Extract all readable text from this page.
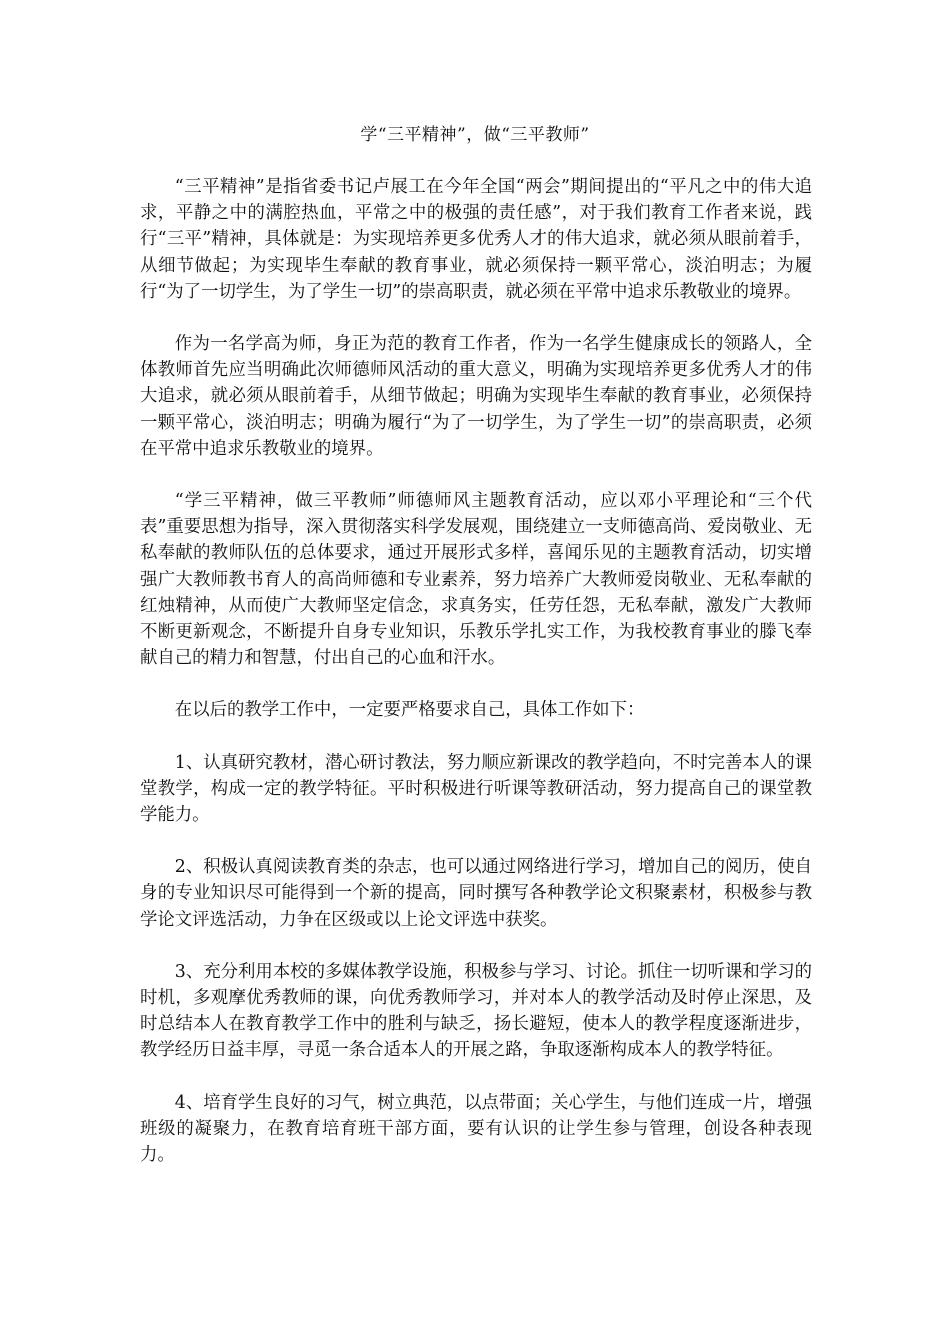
学“三平精神”，做“三平教师”

“三平精神”是指省委书记卢展工在今年全国“两会”期间提出的“平凡之中的伟大追求，平静之中的满腔热血，平常之中的极强的责任感”，对于我们教育工作者来说，践行“三平”精神，具体就是：为实现培养更多优秀人才的伟大追求，就必须从眼前着手，从细节做起；为实现毕生奉献的教育事业，就必须保持一颗平常心，淡泊明志；为履行“为了一切学生，为了学生一切”的崇高职责，就必须在平常中追求乐教敬业的境界。

作为一名学高为师，身正为范的教育工作者，作为一名学生健康成长的领路人，全体教师首先应当明确此次师德师风活动的重大意义，明确为实现培养更多优秀人才的伟大追求，就必须从眼前着手，从细节做起；明确为实现毕生奉献的教育事业，必须保持一颗平常心，淡泊明志；明确为履行“为了一切学生，为了学生一切”的崇高职责，必须在平常中追求乐教敬业的境界。

“学三平精神，做三平教师”师德师风主题教育活动，应以邓小平理论和“三个代表”重要思想为指导，深入贯彻落实科学发展观，围绕建立一支师德高尚、爱岗敬业、无私奉献的教师队伍的总体要求，通过开展形式多样，喜闻乐见的主题教育活动，切实增强广大教师教书育人的高尚师德和专业素养，努力培养广大教师爱岗敬业、无私奉献的红烛精神，从而使广大教师坚定信念，求真务实，任劳任怨，无私奉献，激发广大教师不断更新观念，不断提升自身专业知识，乐教乐学扎实工作，为我校教育事业的滕飞奉献自己的精力和智慧，付出自己的心血和汗水。

在以后的教学工作中，一定要严格要求自己，具体工作如下：

1、认真研究教材，潜心研讨教法，努力顺应新课改的教学趋向，不时完善本人的课堂教学，构成一定的教学特征。平时积极进行听课等教研活动，努力提高自己的课堂教学能力。

2、积极认真阅读教育类的杂志，也可以通过网络进行学习，增加自己的阅历，使自身的专业知识尽可能得到一个新的提高，同时撰写各种教学论文积聚素材，积极参与教学论文评选活动，力争在区级或以上论文评选中获奖。

3、充分利用本校的多媒体教学设施，积极参与学习、讨论。抓住一切听课和学习的时机，多观摩优秀教师的课，向优秀教师学习，并对本人的教学活动及时停止深思，及时总结本人在教育教学工作中的胜利与缺乏，扬长避短，使本人的教学程度逐渐进步，教学经历日益丰厚，寻觅一条合适本人的开展之路，争取逐渐构成本人的教学特征。

4、培育学生良好的习气，树立典范，以点带面；关心学生，与他们连成一片，增强班级的凝聚力，在教育培育班干部方面，要有认识的让学生参与管理，创设各种表现力。
